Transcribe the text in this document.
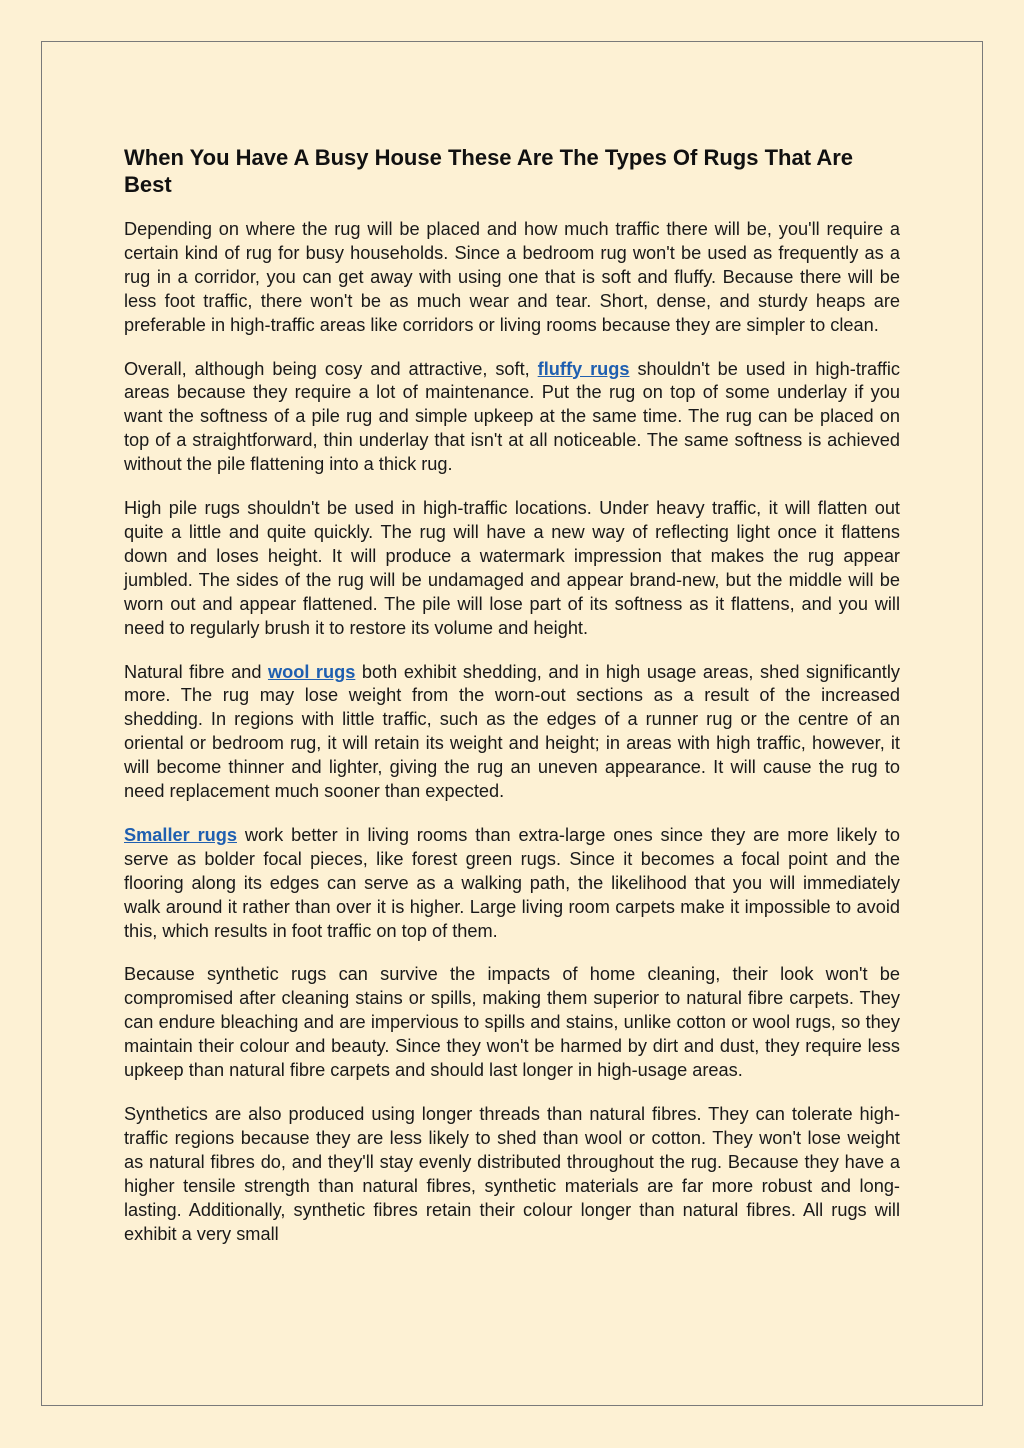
When You Have A Busy House These Are The Types Of Rugs That Are Best

Depending on where the rug will be placed and how much traffic there will be, you'll require a certain kind of rug for busy households. Since a bedroom rug won't be used as frequently as a rug in a corridor, you can get away with using one that is soft and fluffy. Because there will be less foot traffic, there won't be as much wear and tear. Short, dense, and sturdy heaps are preferable in high-traffic areas like corridors or living rooms because they are simpler to clean.

Overall, although being cosy and attractive, soft, fluffy rugs shouldn't be used in high-traffic areas because they require a lot of maintenance. Put the rug on top of some underlay if you want the softness of a pile rug and simple upkeep at the same time. The rug can be placed on top of a straightforward, thin underlay that isn't at all noticeable. The same softness is achieved without the pile flattening into a thick rug.

High pile rugs shouldn't be used in high-traffic locations. Under heavy traffic, it will flatten out quite a little and quite quickly. The rug will have a new way of reflecting light once it flattens down and loses height. It will produce a watermark impression that makes the rug appear jumbled. The sides of the rug will be undamaged and appear brand-new, but the middle will be worn out and appear flattened. The pile will lose part of its softness as it flattens, and you will need to regularly brush it to restore its volume and height.

Natural fibre and wool rugs both exhibit shedding, and in high usage areas, shed significantly more. The rug may lose weight from the worn-out sections as a result of the increased shedding. In regions with little traffic, such as the edges of a runner rug or the centre of an oriental or bedroom rug, it will retain its weight and height; in areas with high traffic, however, it will become thinner and lighter, giving the rug an uneven appearance. It will cause the rug to need replacement much sooner than expected.

Smaller rugs work better in living rooms than extra-large ones since they are more likely to serve as bolder focal pieces, like forest green rugs. Since it becomes a focal point and the flooring along its edges can serve as a walking path, the likelihood that you will immediately walk around it rather than over it is higher. Large living room carpets make it impossible to avoid this, which results in foot traffic on top of them.

Because synthetic rugs can survive the impacts of home cleaning, their look won't be compromised after cleaning stains or spills, making them superior to natural fibre carpets. They can endure bleaching and are impervious to spills and stains, unlike cotton or wool rugs, so they maintain their colour and beauty. Since they won't be harmed by dirt and dust, they require less upkeep than natural fibre carpets and should last longer in high-usage areas.

Synthetics are also produced using longer threads than natural fibres. They can tolerate high-traffic regions because they are less likely to shed than wool or cotton. They won't lose weight as natural fibres do, and they'll stay evenly distributed throughout the rug. Because they have a higher tensile strength than natural fibres, synthetic materials are far more robust and long-lasting. Additionally, synthetic fibres retain their colour longer than natural fibres. All rugs will exhibit a very small
